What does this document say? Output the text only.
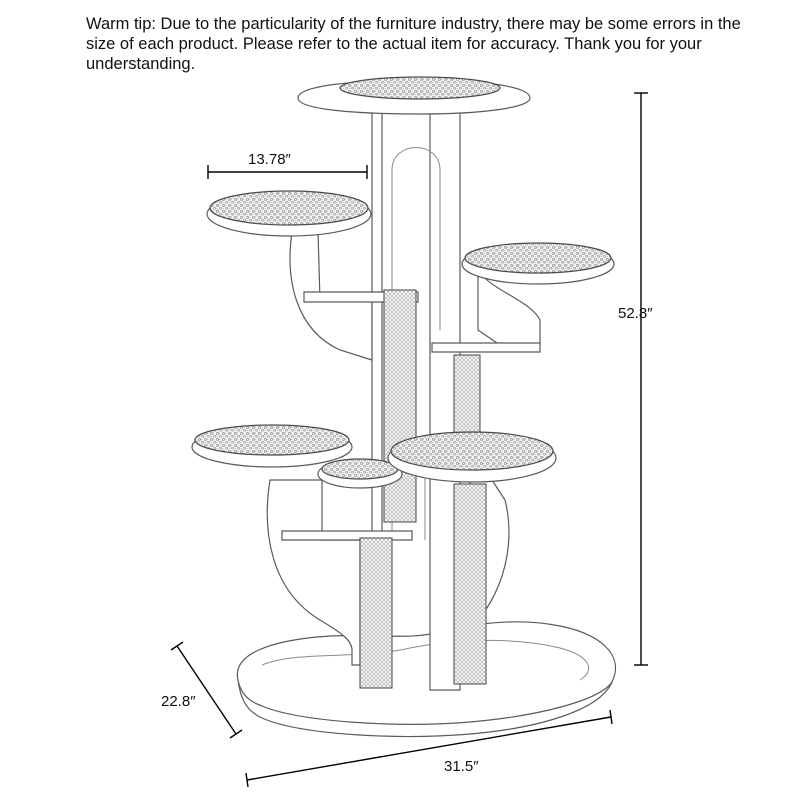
Warm tip: Due to the particularity of the furniture industry, there may be some errors in the size of each product. Please refer to the actual item for accuracy. Thank you for your understanding.
13.78″
52.8″
22.8″
31.5″
